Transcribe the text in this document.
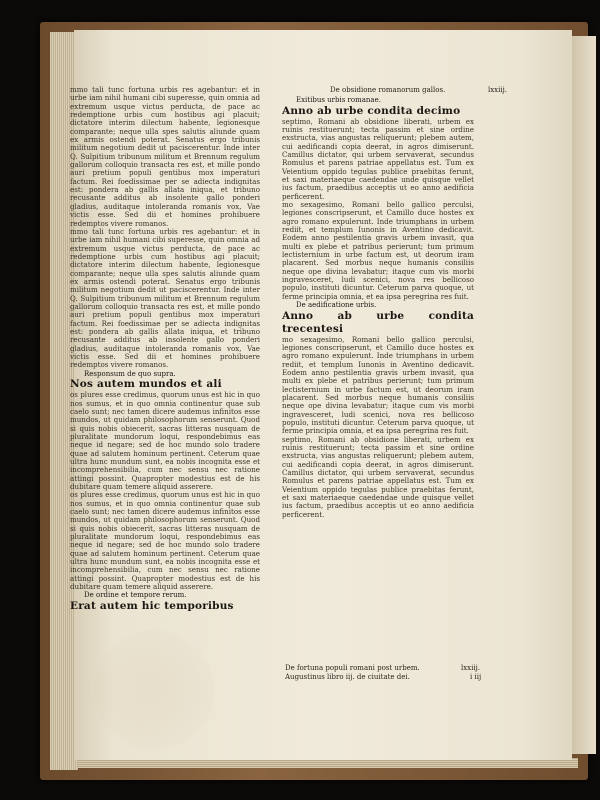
De obsidione romanorum gallos.	lxxiij.

mmo tali tunc fortuna urbis res agebantur: et in urbe iam nihil humani cibi superesse, quin omnia ad extremum usque victus perducta, de pace ac redemptione urbis cum hostibus agi placuit; dictatore interim dilectum habente, legionesque comparante; neque ulla spes salutis aliunde quam ex armis ostendi poterat. Senatus ergo tribunis militum negotium dedit ut paciscerentur. Inde inter Q. Sulpitium tribunum militum et Brennum regulum gallorum colloquio transacta res est, et mille pondo auri pretium populi gentibus mox imperaturi factum. Rei foedissimae per se adiecta indignitas est: pondera ab gallis allata iniqua, et tribuno recusante additus ab insolente gallo ponderi gladius, auditaque intoleranda romanis vox, Vae victis esse. Sed dii et homines prohibuere redemptos vivere romanos.

mmo tali tunc fortuna urbis res agebantur: et in urbe iam nihil humani cibi superesse, quin omnia ad extremum usque victus perducta, de pace ac redemptione urbis cum hostibus agi placuit; dictatore interim dilectum habente, legionesque comparante; neque ulla spes salutis aliunde quam ex armis ostendi poterat. Senatus ergo tribunis militum negotium dedit ut paciscerentur. Inde inter Q. Sulpitium tribunum militum et Brennum regulum gallorum colloquio transacta res est, et mille pondo auri pretium populi gentibus mox imperaturi factum. Rei foedissimae per se adiecta indignitas est: pondera ab gallis allata iniqua, et tribuno recusante additus ab insolente gallo ponderi gladius, auditaque intoleranda romanis vox, Vae victis esse. Sed dii et homines prohibuere redemptos vivere romanos.

Responsum de quo supra.

Nos autem mundos et ali

os plures esse credimus, quorum unus est hic in quo nos sumus, et in quo omnia continentur quae sub caelo sunt; nec tamen dicere audemus infinitos esse mundos, ut quidam philosophorum senserunt. Quod si quis nobis obiecerit, sacras litteras nusquam de pluralitate mundorum loqui, respondebimus eas neque id negare; sed de hoc mundo solo tradere quae ad salutem hominum pertinent. Ceterum quae ultra hunc mundum sunt, ea nobis incognita esse et incomprehensibilia, cum nec sensu nec ratione attingi possint. Quapropter modestius est de his dubitare quam temere aliquid asserere.

os plures esse credimus, quorum unus est hic in quo nos sumus, et in quo omnia continentur quae sub caelo sunt; nec tamen dicere audemus infinitos esse mundos, ut quidam philosophorum senserunt. Quod si quis nobis obiecerit, sacras litteras nusquam de pluralitate mundorum loqui, respondebimus eas neque id negare; sed de hoc mundo solo tradere quae ad salutem hominum pertinent. Ceterum quae ultra hunc mundum sunt, ea nobis incognita esse et incomprehensibilia, cum nec sensu nec ratione attingi possint. Quapropter modestius est de his dubitare quam temere aliquid asserere.

De ordine et tempore rerum.

Erat autem hic temporibus

Exitibus urbis romanae.

Anno ab urbe condita decimo

septimo, Romani ab obsidione liberati, urbem ex ruinis restituerunt; tecta passim et sine ordine exstructa, vias angustas reliquerunt; plebem autem, cui aedificandi copia deerat, in agros dimiserunt. Camillus dictator, qui urbem servaverat, secundus Romulus et parens patriae appellatus est. Tum ex Veientium oppido tegulas publice praebitas ferunt, et saxi materiaeque caedendae unde quisque vellet ius factum, praedibus acceptis ut eo anno aedificia perficerent.

mo sexagesimo, Romani bello gallico perculsi, legiones conscripserunt, et Camillo duce hostes ex agro romano expulerunt. Inde triumphans in urbem rediit, et templum Iunonis in Aventino dedicavit. Eodem anno pestilentia gravis urbem invasit, qua multi ex plebe et patribus perierunt; tum primum lectisternium in urbe factum est, ut deorum iram placarent. Sed morbus neque humanis consiliis neque ope divina levabatur; itaque cum vis morbi ingravesceret, ludi scenici, nova res bellicoso populo, instituti dicuntur. Ceterum parva quoque, ut ferme principia omnia, et ea ipsa peregrina res fuit.

De aedificatione urbis.

Anno ab urbe condita trecentesi

mo sexagesimo, Romani bello gallico perculsi, legiones conscripserunt, et Camillo duce hostes ex agro romano expulerunt. Inde triumphans in urbem rediit, et templum Iunonis in Aventino dedicavit. Eodem anno pestilentia gravis urbem invasit, qua multi ex plebe et patribus perierunt; tum primum lectisternium in urbe factum est, ut deorum iram placarent. Sed morbus neque humanis consiliis neque ope divina levabatur; itaque cum vis morbi ingravesceret, ludi scenici, nova res bellicoso populo, instituti dicuntur. Ceterum parva quoque, ut ferme principia omnia, et ea ipsa peregrina res fuit.

septimo, Romani ab obsidione liberati, urbem ex ruinis restituerunt; tecta passim et sine ordine exstructa, vias angustas reliquerunt; plebem autem, cui aedificandi copia deerat, in agros dimiserunt. Camillus dictator, qui urbem servaverat, secundus Romulus et parens patriae appellatus est. Tum ex Veientium oppido tegulas publice praebitas ferunt, et saxi materiaeque caedendae unde quisque vellet ius factum, praedibus acceptis ut eo anno aedificia perficerent.

De fortuna populi romani post urbem.	lxxiij.
Augustinus libro iij. de ciuitate dei.	i iij
